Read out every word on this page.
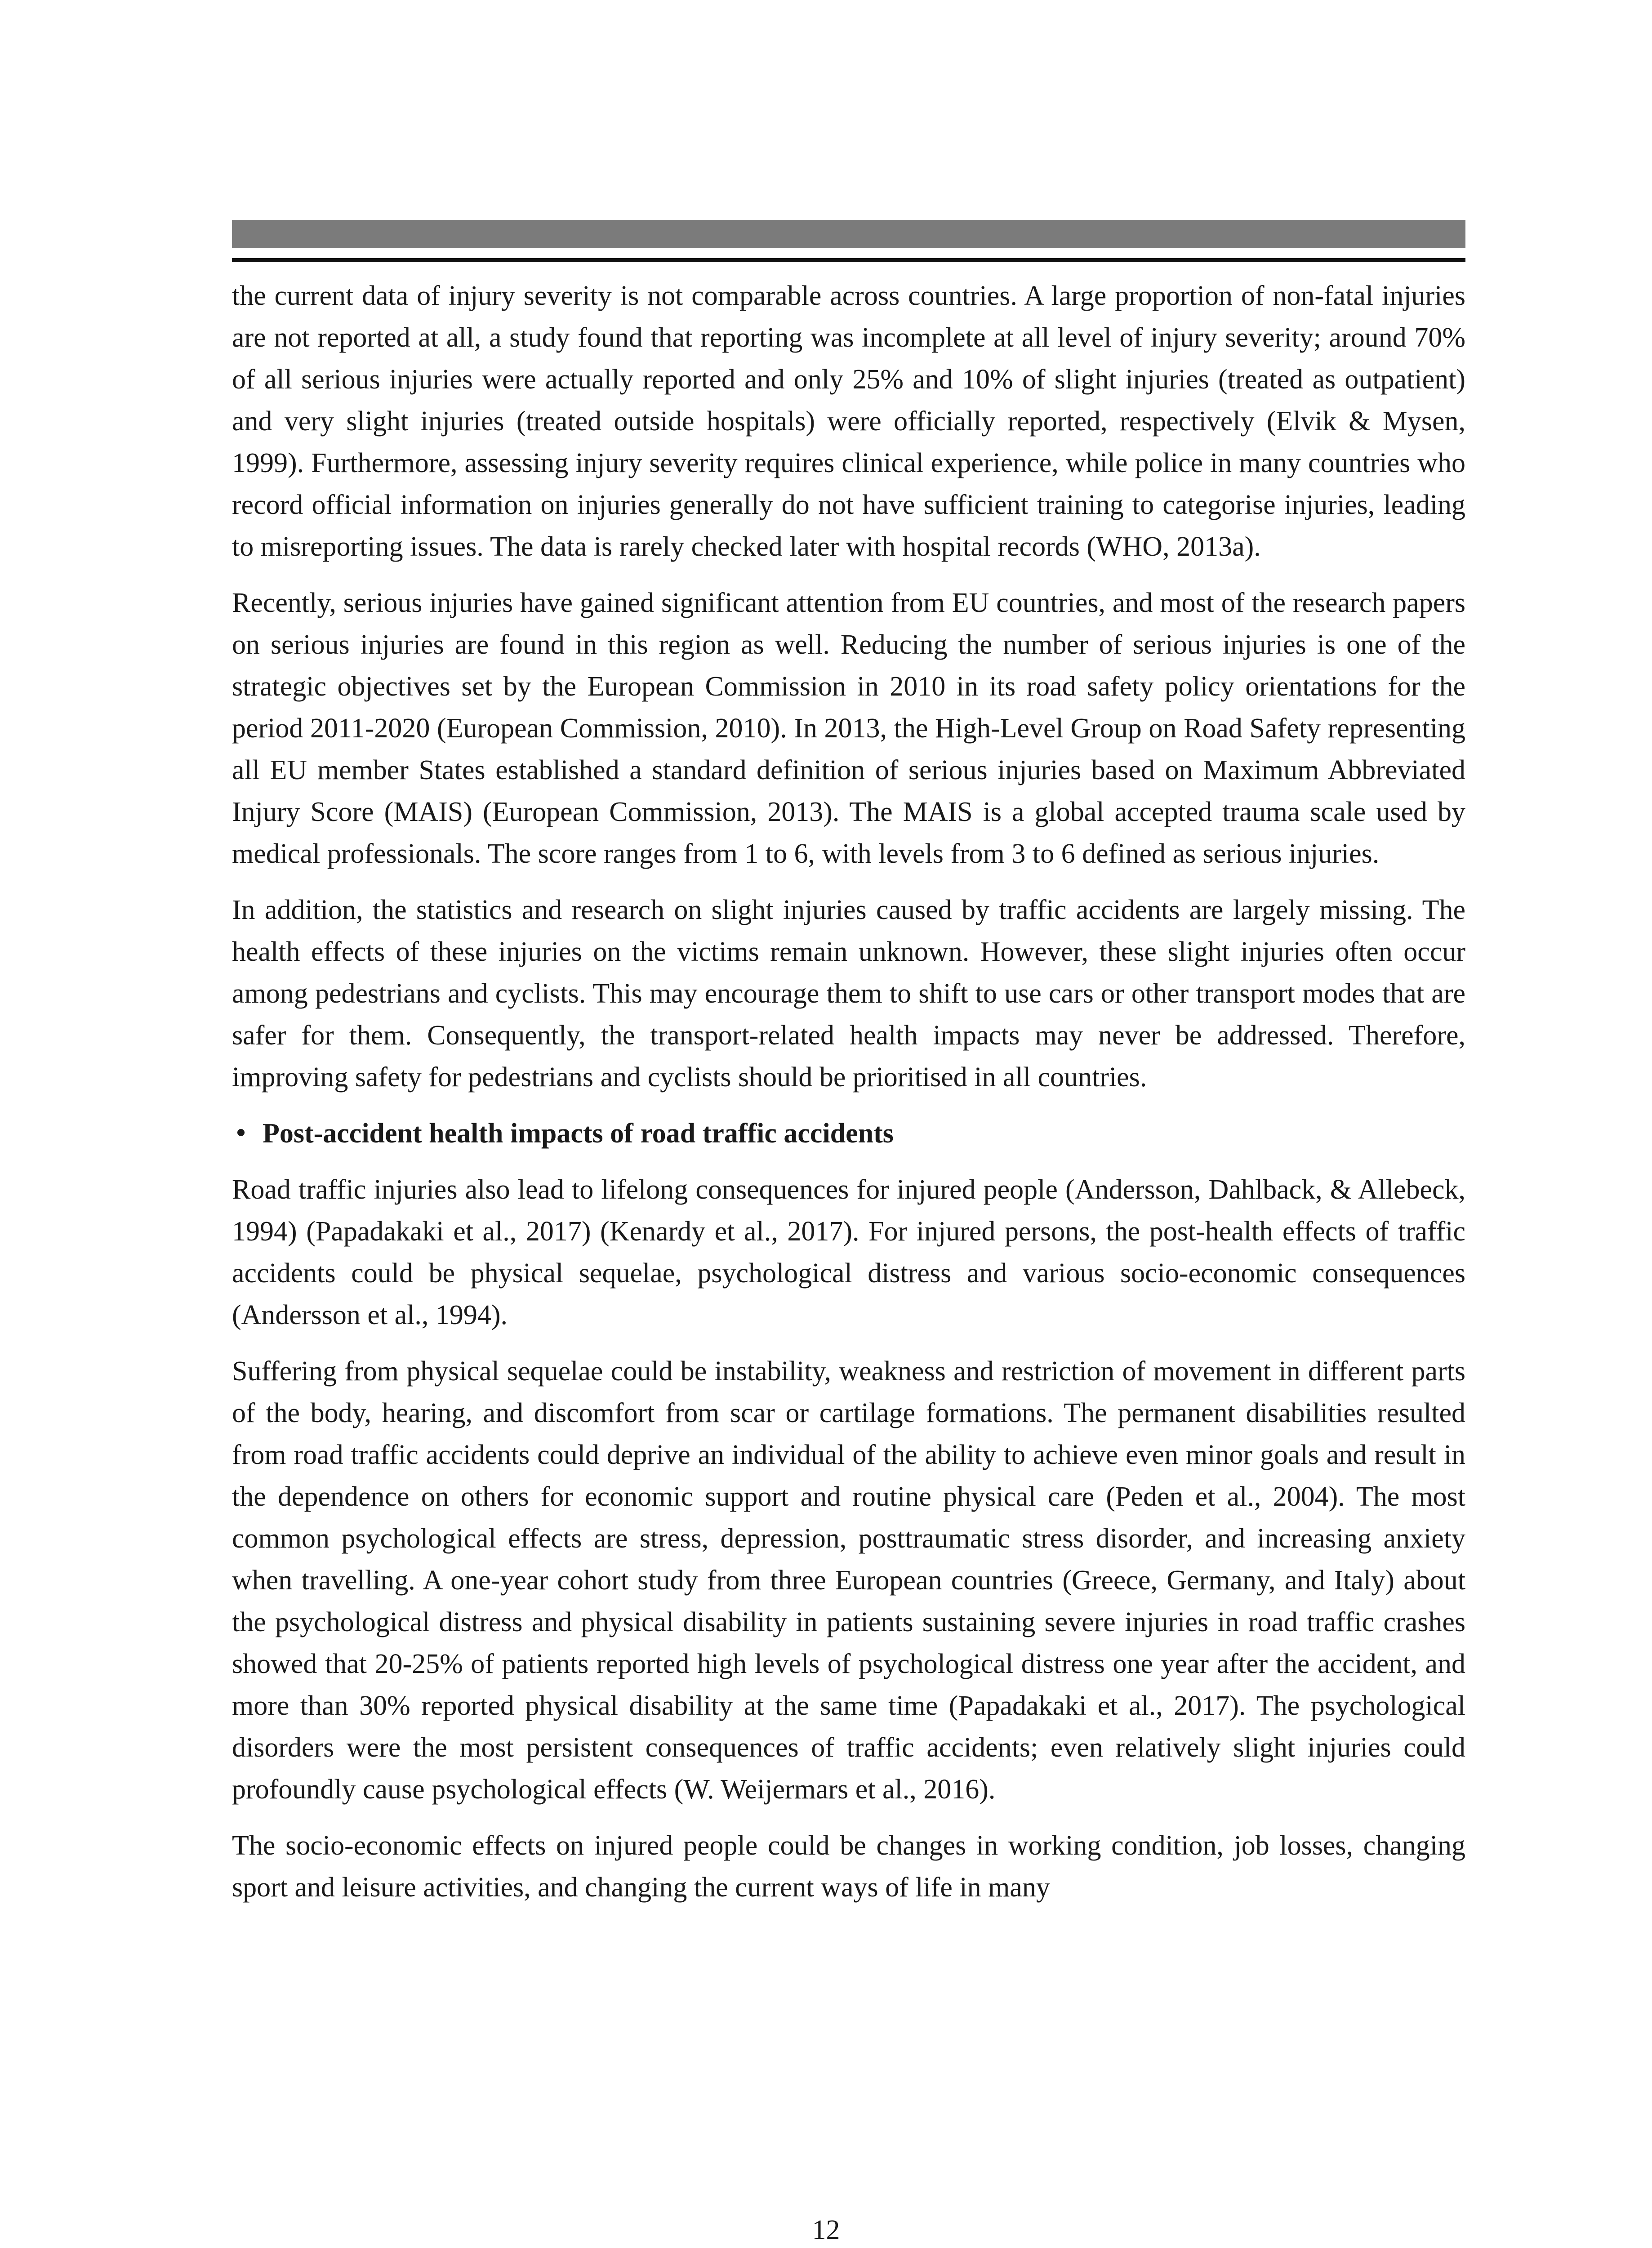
the current data of injury severity is not comparable across countries. A large proportion of non-fatal injuries are not reported at all, a study found that reporting was incomplete at all level of injury severity; around 70% of all serious injuries were actually reported and only 25% and 10% of slight injuries (treated as outpatient) and very slight injuries (treated outside hospitals) were officially reported, respectively (Elvik & Mysen, 1999). Furthermore, assessing injury severity requires clinical experience, while police in many countries who record official information on injuries generally do not have sufficient training to categorise injuries, leading to misreporting issues. The data is rarely checked later with hospital records (WHO, 2013a).

Recently, serious injuries have gained significant attention from EU countries, and most of the research papers on serious injuries are found in this region as well. Reducing the number of serious injuries is one of the strategic objectives set by the European Commission in 2010 in its road safety policy orientations for the period 2011-2020 (European Commission, 2010). In 2013, the High-Level Group on Road Safety representing all EU member States established a standard definition of serious injuries based on Maximum Abbreviated Injury Score (MAIS) (European Commission, 2013). The MAIS is a global accepted trauma scale used by medical professionals. The score ranges from 1 to 6, with levels from 3 to 6 defined as serious injuries.

In addition, the statistics and research on slight injuries caused by traffic accidents are largely missing. The health effects of these injuries on the victims remain unknown. However, these slight injuries often occur among pedestrians and cyclists. This may encourage them to shift to use cars or other transport modes that are safer for them. Consequently, the transport-related health impacts may never be addressed. Therefore, improving safety for pedestrians and cyclists should be prioritised in all countries.

Post-accident health impacts of road traffic accidents

Road traffic injuries also lead to lifelong consequences for injured people (Andersson, Dahlback, & Allebeck, 1994) (Papadakaki et al., 2017) (Kenardy et al., 2017). For injured persons, the post-health effects of traffic accidents could be physical sequelae, psychological distress and various socio-economic consequences (Andersson et al., 1994).

Suffering from physical sequelae could be instability, weakness and restriction of movement in different parts of the body, hearing, and discomfort from scar or cartilage formations. The permanent disabilities resulted from road traffic accidents could deprive an individual of the ability to achieve even minor goals and result in the dependence on others for economic support and routine physical care (Peden et al., 2004). The most common psychological effects are stress, depression, posttraumatic stress disorder, and increasing anxiety when travelling. A one-year cohort study from three European countries (Greece, Germany, and Italy) about the psychological distress and physical disability in patients sustaining severe injuries in road traffic crashes showed that 20-25% of patients reported high levels of psychological distress one year after the accident, and more than 30% reported physical disability at the same time (Papadakaki et al., 2017). The psychological disorders were the most persistent consequences of traffic accidents; even relatively slight injuries could profoundly cause psychological effects (W. Weijermars et al., 2016).

The socio-economic effects on injured people could be changes in working condition, job losses, changing sport and leisure activities, and changing the current ways of life in many

12
